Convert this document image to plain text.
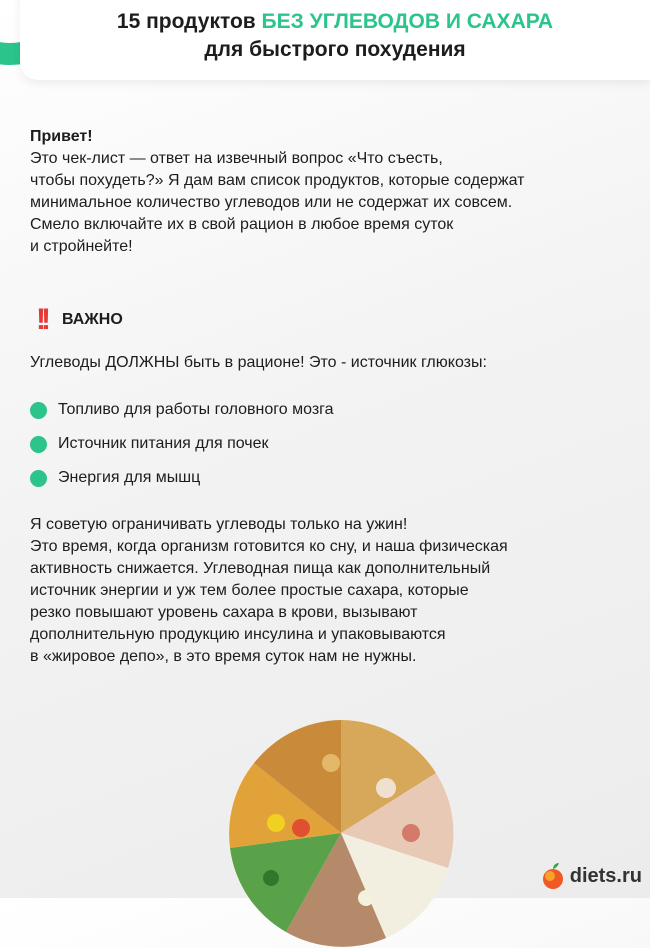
15 продуктов БЕЗ УГЛЕВОДОВ И САХАРА
для быстрого похудения
Привет!
Это чек-лист — ответ на извечный вопрос «Что съесть,
чтобы похудеть?» Я дам вам список продуктов, которые содержат
минимальное количество углеводов или не содержат их совсем.
Смело включайте их в свой рацион в любое время суток
и стройнейте!
!! ВАЖНО
Углеводы ДОЛЖНЫ быть в рационе! Это - источник глюкозы:
Топливо для работы головного мозга
Источник питания для почек
Энергия для мышц
Я советую ограничивать углеводы только на ужин!
Это время, когда организм готовится ко сну, и наша физическая
активность снижается. Углеводная пища как дополнительный
источник энергии и уж тем более простые сахара, которые
резко повышают уровень сахара в крови, вызывают
дополнительную продукцию инсулина и упаковываются
в «жировое депо», в это время суток нам не нужны.
diets.ru
